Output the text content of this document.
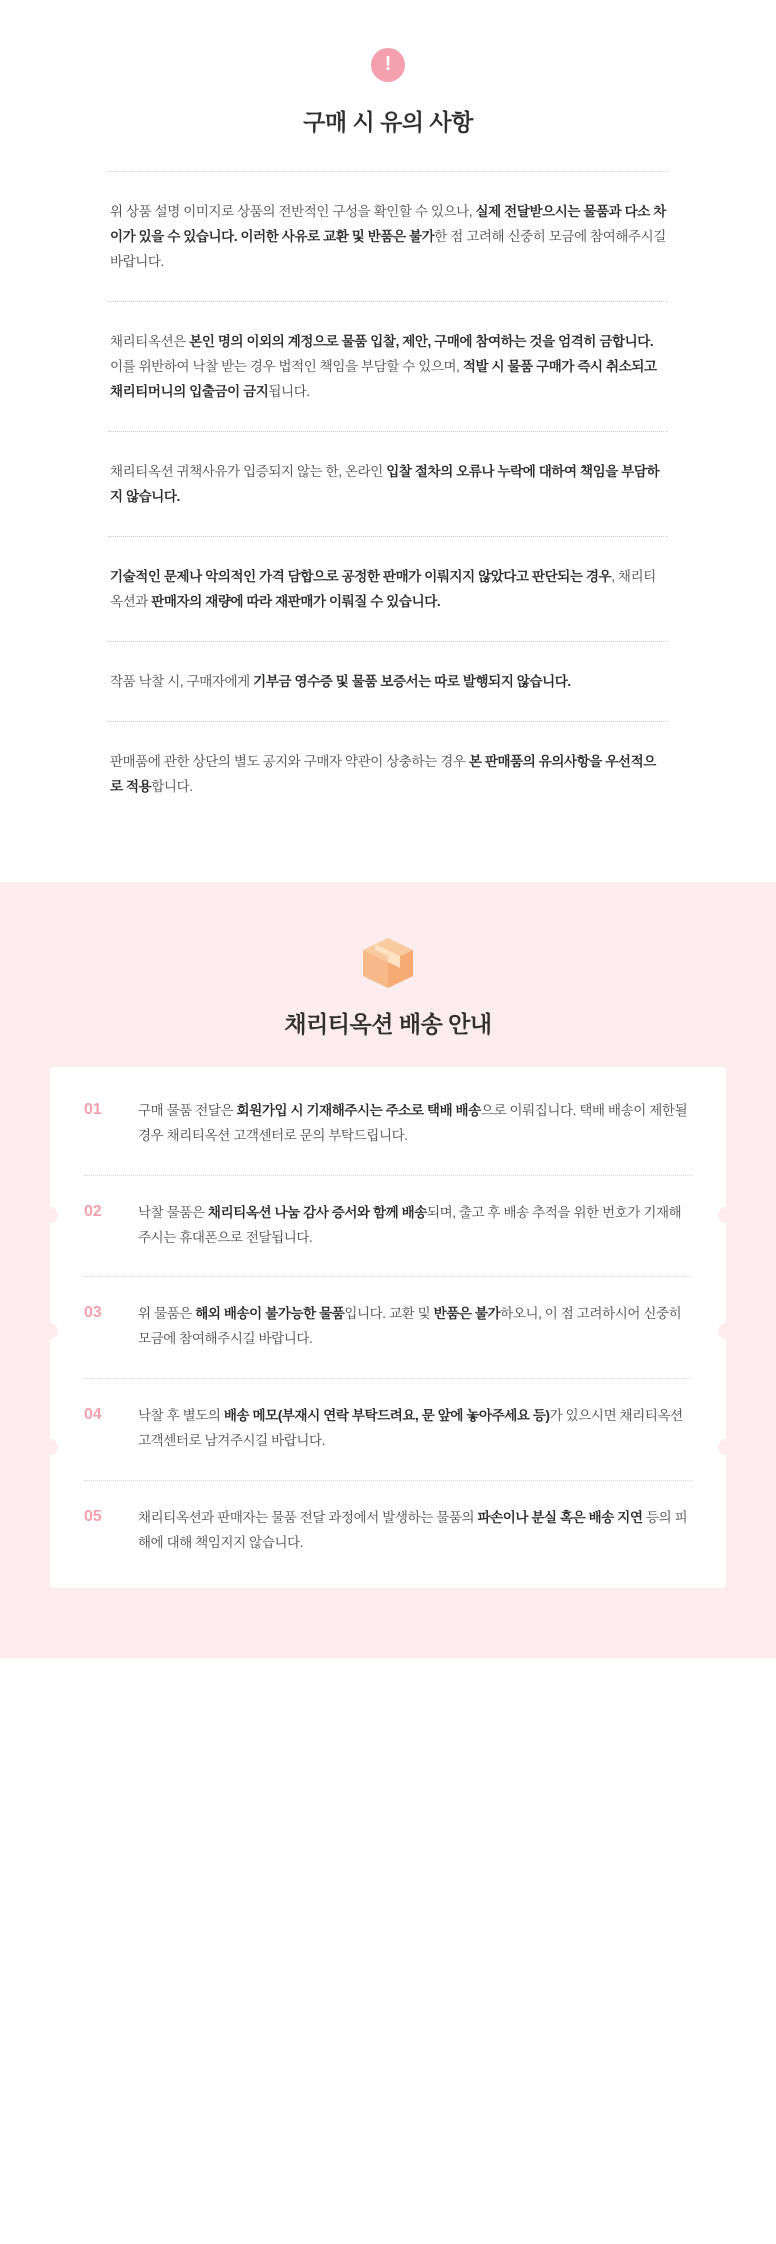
!
구매 시 유의 사항

위 상품 설명 이미지로 상품의 전반적인 구성을 확인할 수 있으나, 실제 전달받으시는 물품과 다소 차이가 있을 수 있습니다. 이러한 사유로 교환 및 반품은 불가한 점 고려해 신중히 모금에 참여해주시길 바랍니다.

채리티옥션은 본인 명의 이외의 계정으로 물품 입찰, 제안, 구매에 참여하는 것을 엄격히 금합니다. 이를 위반하여 낙찰 받는 경우 법적인 책임을 부담할 수 있으며, 적발 시 물품 구매가 즉시 취소되고 채리티머니의 입출금이 금지됩니다.

채리티옥션 귀책사유가 입증되지 않는 한, 온라인 입찰 절차의 오류나 누락에 대하여 책임을 부담하지 않습니다.

기술적인 문제나 악의적인 가격 담합으로 공정한 판매가 이뤄지지 않았다고 판단되는 경우, 채리티옥션과 판매자의 재량에 따라 재판매가 이뤄질 수 있습니다.

작품 낙찰 시, 구매자에게 기부금 영수증 및 물품 보증서는 따로 발행되지 않습니다.

판매품에 관한 상단의 별도 공지와 구매자 약관이 상충하는 경우 본 판매품의 유의사항을 우선적으로 적용합니다.

채리티옥션 배송 안내
01	구매 물품 전달은 회원가입 시 기재해주시는 주소로 택배 배송으로 이뤄집니다. 택배 배송이 제한될 경우 채리티옥션 고객센터로 문의 부탁드립니다.
02	낙찰 물품은 채리티옥션 나눔 감사 증서와 함께 배송되며, 출고 후 배송 추적을 위한 번호가 기재해주시는 휴대폰으로 전달됩니다.
03	위 물품은 해외 배송이 불가능한 물품입니다. 교환 및 반품은 불가하오니, 이 점 고려하시어 신중히 모금에 참여해주시길 바랍니다.
04	낙찰 후 별도의 배송 메모(부재시 연락 부탁드려요, 문 앞에 놓아주세요 등)가 있으시면 채리티옥션 고객센터로 남겨주시길 바랍니다.
05	채리티옥션과 판매자는 물품 전달 과정에서 발생하는 물품의 파손이나 분실 혹은 배송 지연 등의 피해에 대해 책임지지 않습니다.
